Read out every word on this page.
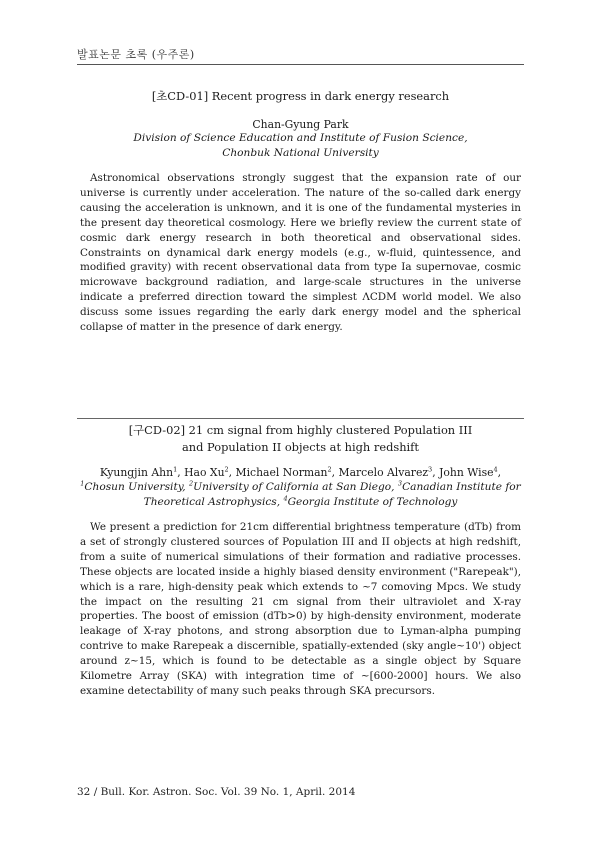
발표논문 초록 (우주론)
[초CD-01] Recent progress in dark energy research
Chan-Gyung Park
Division of Science Education and Institute of Fusion Science,
Chonbuk National University

Astronomical observations strongly suggest that the expansion rate of our universe is currently under acceleration. The nature of the so-called dark energy causing the acceleration is unknown, and it is one of the fundamental mysteries in the present day theoretical cosmology. Here we briefly review the current state of cosmic dark energy research in both theoretical and observational sides. Constraints on dynamical dark energy models (e.g., w-fluid, quintessence, and modified gravity) with recent observational data from type Ia supernovae, cosmic microwave background radiation, and large-scale structures in the universe indicate a preferred direction toward the simplest ΛCDM world model. We also discuss some issues regarding the early dark energy model and the spherical collapse of matter in the presence of dark energy.

[구CD-02] 21 cm signal from highly clustered Population III
and Population II objects at high redshift
Kyungjin Ahn$^1$, Hao Xu$^2$, Michael Norman$^2$, Marcelo Alvarez$^3$, John Wise$^4$,
$^1$Chosun University, $^2$University of California at San Diego, $^3$Canadian Institute for
Theoretical Astrophysics, $^4$Georgia Institute of Technology

We present a prediction for 21cm differential brightness temperature (dTb) from a set of strongly clustered sources of Population III and II objects at high redshift, from a suite of numerical simulations of their formation and radiative processes. These objects are located inside a highly biased density environment ("Rarepeak"), which is a rare, high-density peak which extends to ~7 comoving Mpcs. We study the impact on the resulting 21 cm signal from their ultraviolet and X-ray properties. The boost of emission (dTb>0) by high-density environment, moderate leakage of X-ray photons, and strong absorption due to Lyman-alpha pumping contrive to make Rarepeak a discernible, spatially-extended (sky angle~10') object around z~15, which is found to be detectable as a single object by Square Kilometre Array (SKA) with integration time of ~[600-2000] hours. We also examine detectability of many such peaks through SKA precursors.

32 / Bull. Kor. Astron. Soc. Vol. 39 No. 1, April. 2014
